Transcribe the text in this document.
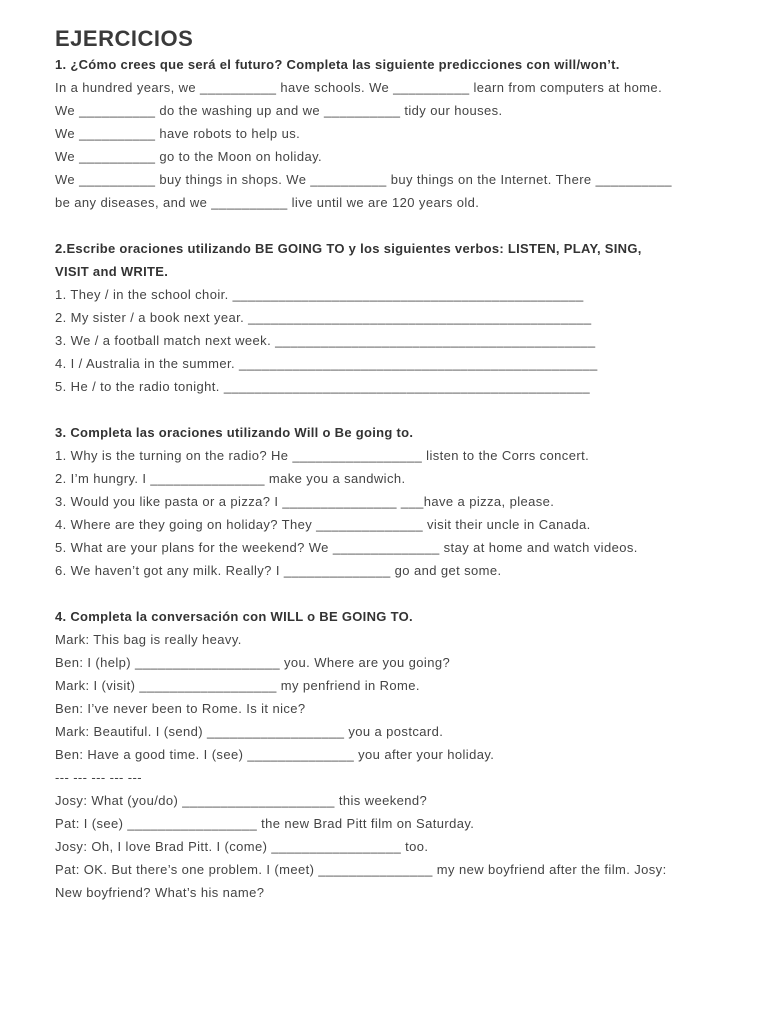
EJERCICIOS

1. ¿Cómo crees que será el futuro? Completa las siguiente predicciones con will/won’t.

In a hundred years, we __________ have schools. We __________ learn from computers at home.

We __________ do the washing up and we __________ tidy our houses.

We __________ have robots to help us.

We __________ go to the Moon on holiday.

We __________ buy things in shops. We __________ buy things on the Internet. There __________

be any diseases, and we __________ live until we are 120 years old.

2.Escribe oraciones utilizando BE GOING TO y los siguientes verbos: LISTEN, PLAY, SING,

VISIT and WRITE.

1. They / in the school choir. ______________________________________________

2. My sister / a book next year. _____________________________________________

3. We / a football match next week. __________________________________________

4. I / Australia in the summer. _______________________________________________

5. He / to the radio tonight. ________________________________________________

3. Completa las oraciones utilizando Will o Be going to.

1. Why is the turning on the radio? He _________________ listen to the Corrs concert.

2. I’m hungry. I _______________ make you a sandwich.

3. Would you like pasta or a pizza? I _______________ ___have a pizza, please.

4. Where are they going on holiday? They ______________ visit their uncle in Canada.

5. What are your plans for the weekend? We ______________ stay at home and watch videos.

6. We haven’t got any milk. Really? I ______________ go and get some.

4. Completa la conversación con WILL o BE GOING TO.

Mark: This bag is really heavy.

Ben: I (help) ___________________ you. Where are you going?

Mark: I (visit) __________________ my penfriend in Rome.

Ben: I’ve never been to Rome. Is it nice?

Mark: Beautiful. I (send) __________________ you a postcard.

Ben: Have a good time. I (see) ______________ you after your holiday.

--- --- --- --- ---

Josy: What (you/do) ____________________ this weekend?

Pat: I (see) _________________ the new Brad Pitt film on Saturday.

Josy: Oh, I love Brad Pitt. I (come) _________________ too.

Pat: OK. But there’s one problem. I (meet) _______________ my new boyfriend after the film. Josy:

New boyfriend? What’s his name?
